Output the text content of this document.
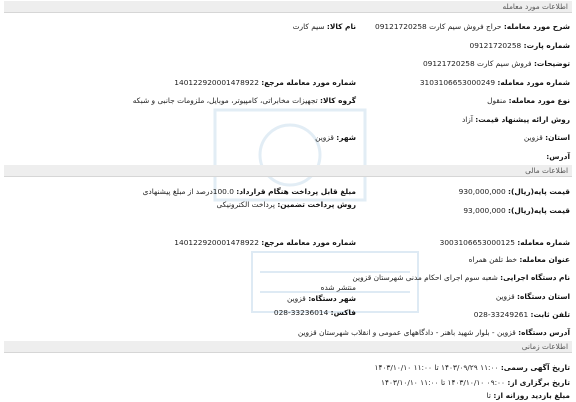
اطلاعات مورد معامله
شرح مورد معامله: حراج فروش سیم کارت 09121720258
نام کالا: سیم کارت
شماره پارت: 09121720258
توضیحات: فروش سیم کارت 09121720258
شماره مورد معامله: 3103106653000249
شماره مورد معامله مرجع: 140122920001478922
نوع مورد معامله: منقول
گروه کالا: تجهیزات مخابراتی، کامپیوتر، موبایل، ملزومات جانبی و شبکه
روش ارائه پیشنهاد قیمت: آزاد
استان: قزوین
شهر: قزوین
آدرس:
اطلاعات مالی
قیمت پایه(ریال): 930,000,000
مبلغ قابل پرداخت هنگام قرارداد: 100.0درصد از مبلغ پیشنهادی
قیمت پایه(ریال): 93,000,000
روش پرداخت تضمین: پرداخت الکترونیکی
شماره معامله: 3003106653000125
شماره مورد معامله مرجع: 140122920001478922
عنوان معامله: خط تلفن همراه
نام دستگاه اجرایی: شعبه سوم اجرای احکام مدنی شهرستان قزوین
منتشر شده
استان دستگاه: قزوین
شهر دستگاه: قزوین
تلفن ثابت: 33249261-028
فاکس: 33236014-028
آدرس دستگاه: قزوین - بلوار شهید باهنر - دادگاههای عمومی و انقلاب شهرستان قزوین
اطلاعات زمانی
تاریخ آگهی رسمی: ۱۱:۰۰ ۱۴۰۳/۰۹/۲۹ تا ۱۱:۰۰ ۱۴۰۳/۱۰/۱۰
تاریخ برگزاری از: ۰۹:۰۰ ۱۴۰۳/۱۰/۱۰ تا ۱۱:۰۰ ۱۴۰۳/۱۰/۱۰
مبلغ بازدید روزانه از: تا
